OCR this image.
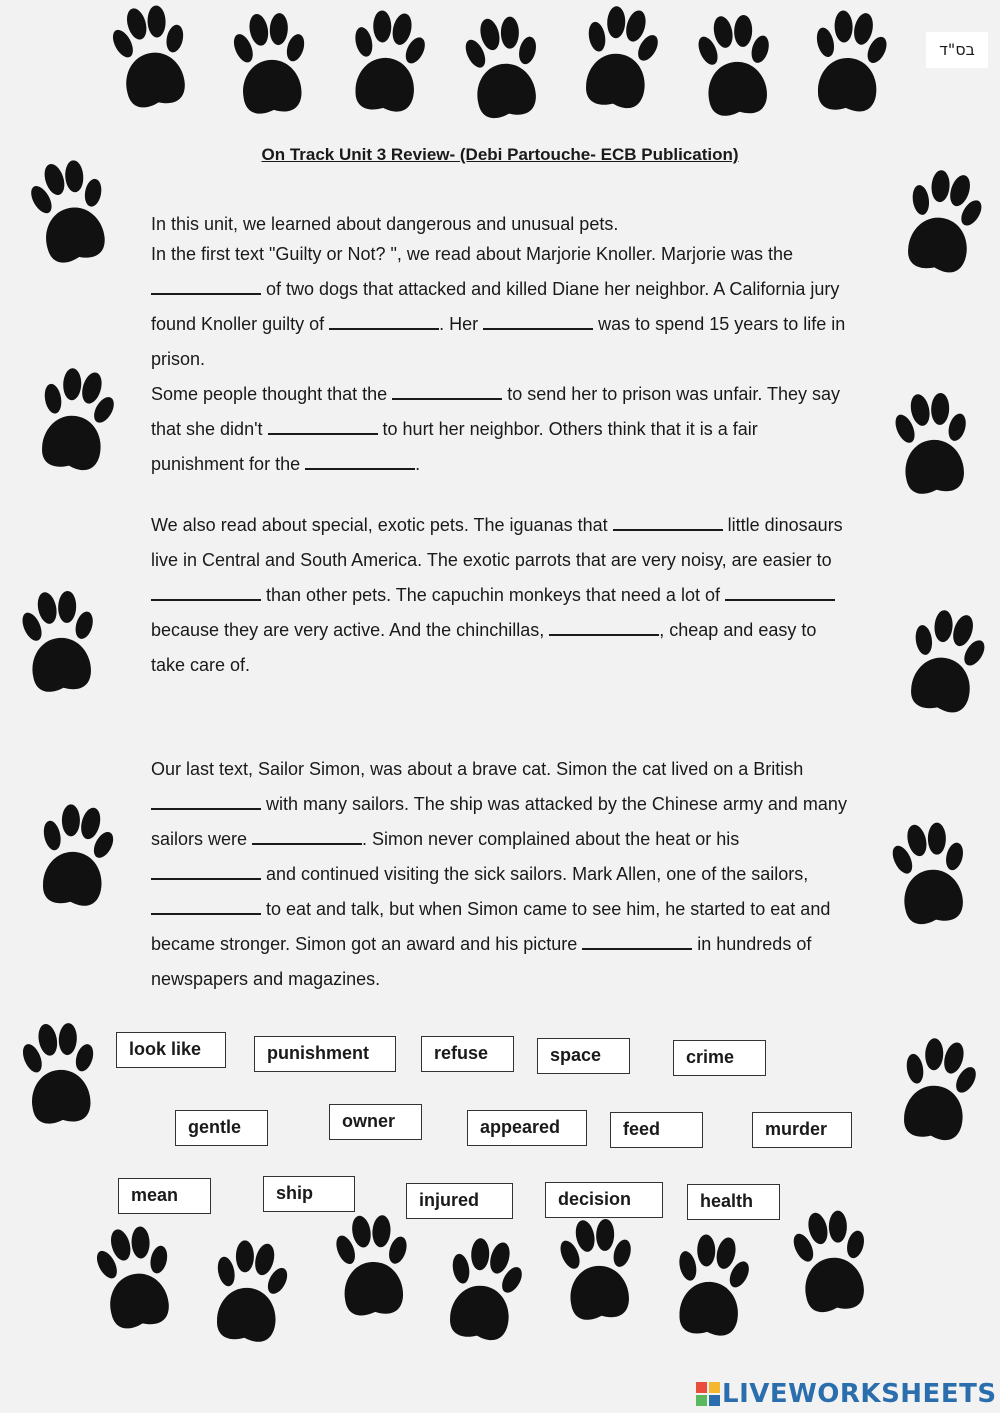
בס"ד
On Track Unit 3 Review- (Debi Partouche- ECB Publication)

In this unit, we learned about dangerous and unusual pets.

In the first text "Guilty or Not? ", we read about Marjorie Knoller. Marjorie was the  of two dogs that attacked and killed Diane her neighbor. A California jury found Knoller guilty of	. Her	was to spend 15 years to life in prison.

Some people thought that the	to send her to prison was unfair. They say that she didn't	to hurt her neighbor. Others think that it is a fair punishment for the	.

We also read about special, exotic pets. The iguanas that	little dinosaurs live in Central and South America. The exotic parrots that are very noisy, are easier to  than other pets. The capuchin monkeys that need a lot of  because they are very active. And the chinchillas,	, cheap and easy to take care of.

Our last text, Sailor Simon, was about a brave cat. Simon the cat lived on a British  with many sailors. The ship was attacked by the Chinese army and many sailors were	. Simon never complained about the heat or his  and continued visiting the sick sailors. Mark Allen, one of the sailors,  to eat and talk, but when Simon came to see him, he started to eat and became stronger. Simon got an award and his picture	in hundreds of newspapers and magazines.

look like	punishment	refuse	space	crime
gentle	owner	appeared	feed	murder
mean	ship	injured	decision	health
LIVEWORKSHEETS
